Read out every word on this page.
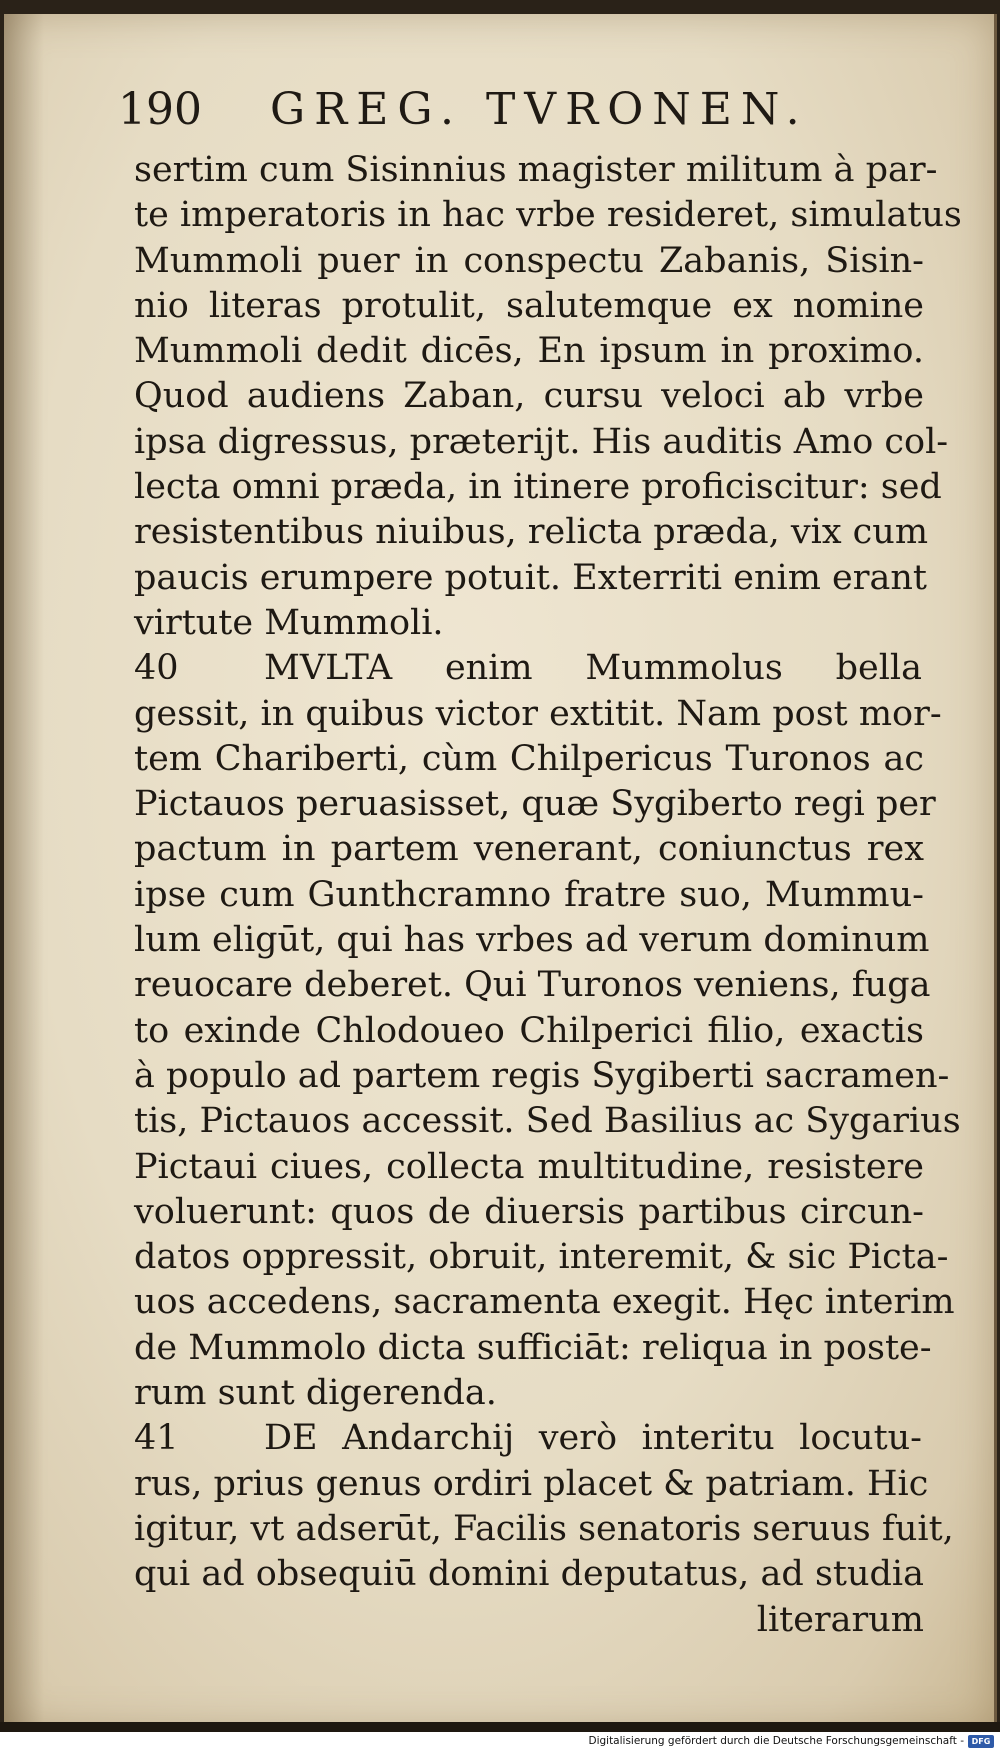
190 GREG. TVRONEN.
sertim cum Sisinnius magister militum à par-
te imperatoris in hac vrbe resideret, simulatus
Mummoli puer in conspectu Zabanis, Sisin-
nio literas protulit, salutemque ex nomine
Mummoli dedit dicēs, En ipsum in proximo.
Quod audiens Zaban, cursu veloci ab vrbe
ipsa digressus, præterijt. His auditis Amo col-
lecta omni præda, in itinere proficiscitur: sed
resistentibus niuibus, relicta præda, vix cum
paucis erumpere potuit. Exterriti enim erant
virtute Mummoli.
40 MVLTA enim Mummolus bella
gessit, in quibus victor extitit. Nam post mor-
tem Chariberti, cùm Chilpericus Turonos ac
Pictauos peruasisset, quæ Sygiberto regi per
pactum in partem venerant, coniunctus rex
ipse cum Gunthcramno fratre suo, Mummu-
lum eligūt, qui has vrbes ad verum dominum
reuocare deberet. Qui Turonos veniens, fuga
to exinde Chlodoueo Chilperici filio, exactis
à populo ad partem regis Sygiberti sacramen-
tis, Pictauos accessit. Sed Basilius ac Sygarius
Pictaui ciues, collecta multitudine, resistere
voluerunt: quos de diuersis partibus circun-
datos oppressit, obruit, interemit, & sic Picta-
uos accedens, sacramenta exegit. Hęc interim
de Mummolo dicta sufficiāt: reliqua in poste-
rum sunt digerenda.
41 DE Andarchij verò interitu locutu-
rus, prius genus ordiri placet & patriam. Hic
igitur, vt adserūt, Facilis senatoris seruus fuit,
qui ad obsequiū domini deputatus, ad studia
literarum
Digitalisierung gefördert durch die Deutsche Forschungsgemeinschaft - DFG
